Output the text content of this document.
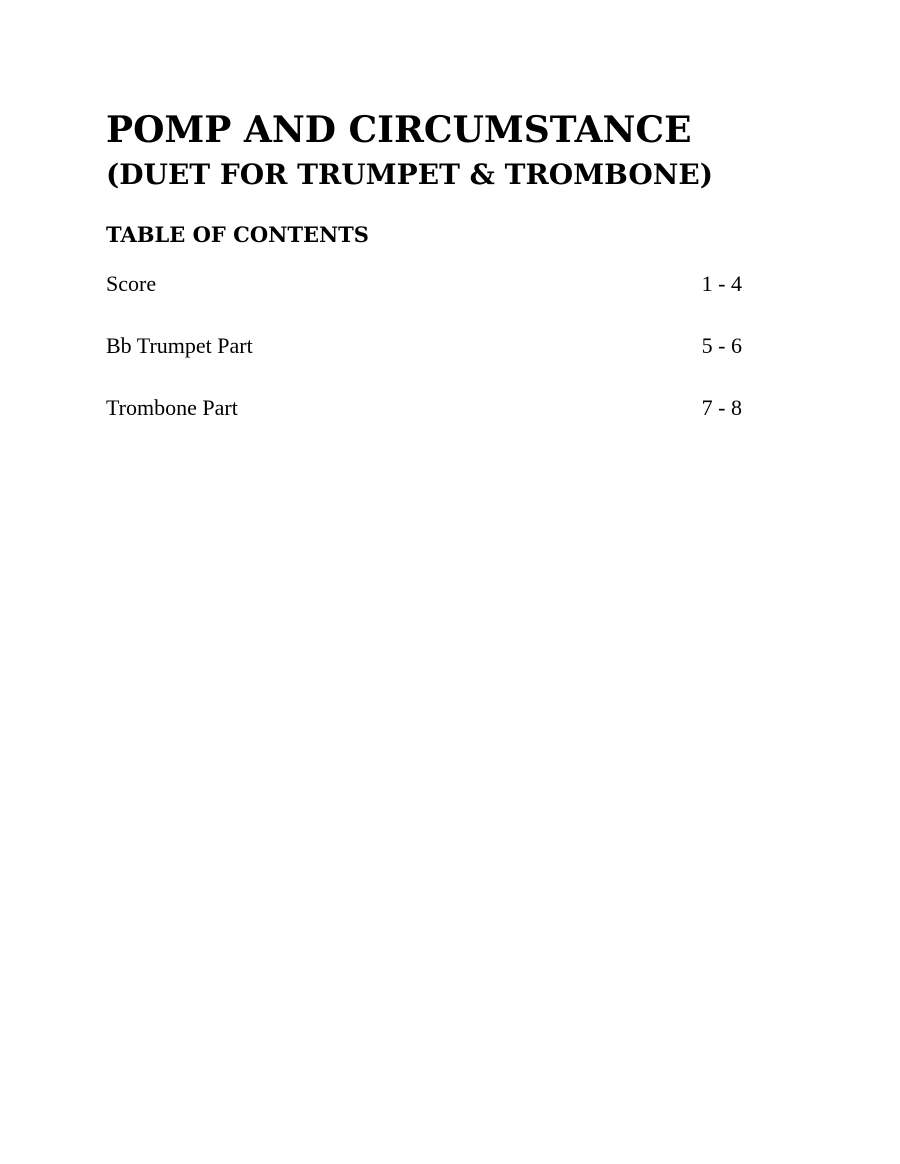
POMP AND CIRCUMSTANCE
(DUET FOR TRUMPET & TROMBONE)
TABLE OF CONTENTS
Score	1 - 4
Bb Trumpet Part	5 - 6
Trombone Part	7 - 8
